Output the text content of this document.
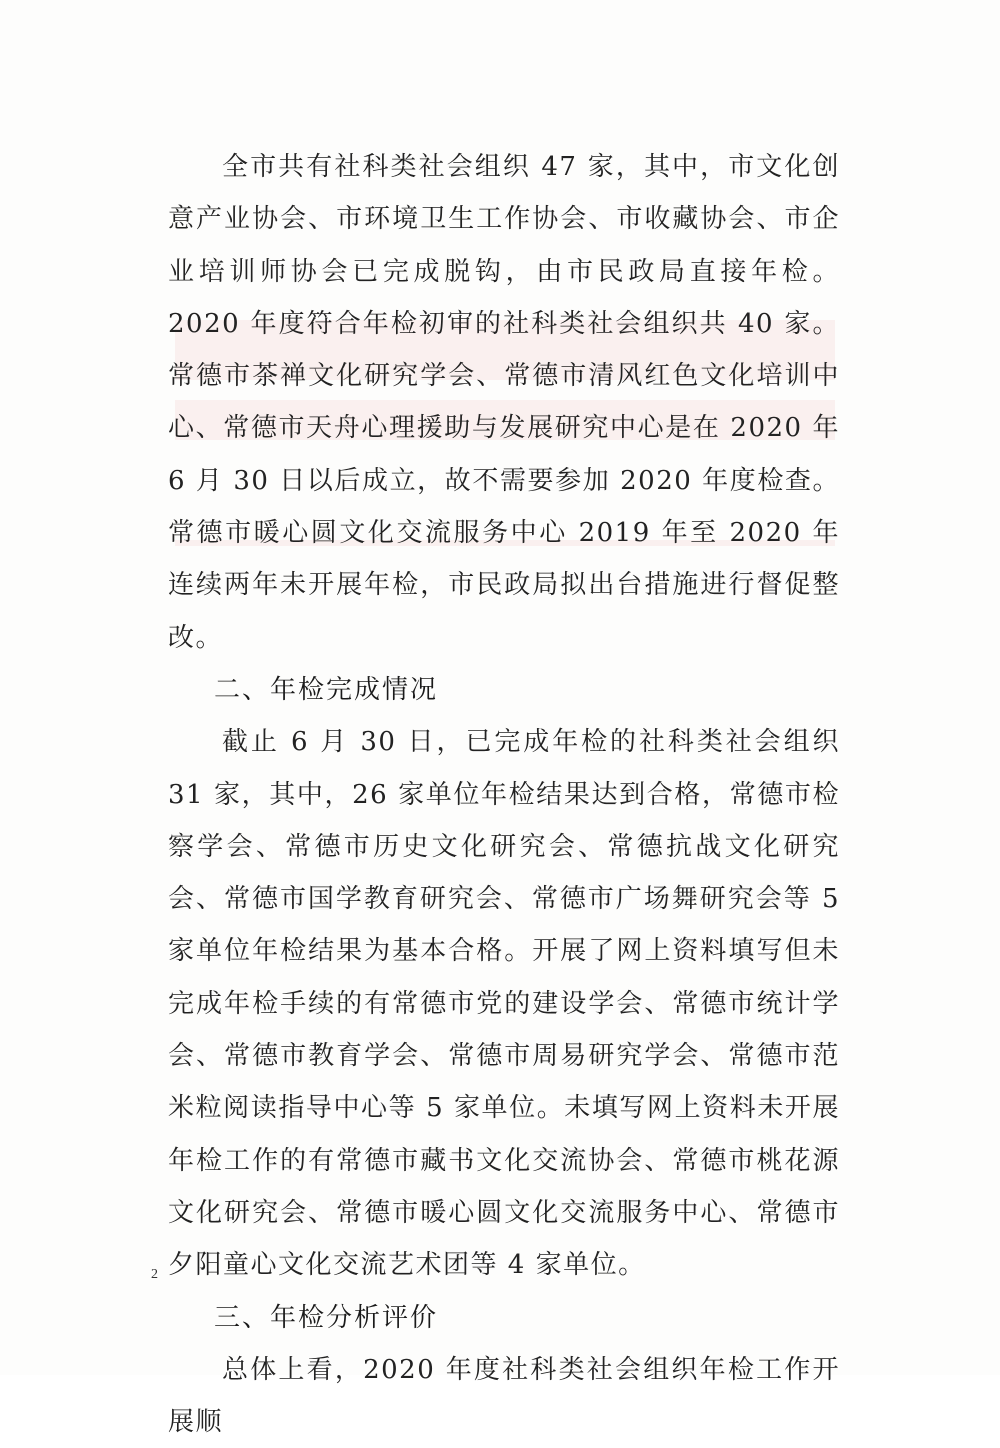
全市共有社科类社会组织 47 家，其中，市文化创意产业协会、市环境卫生工作协会、市收藏协会、市企业培训师协会已完成脱钩，由市民政局直接年检。2020 年度符合年检初审的社科类社会组织共 40 家。常德市茶禅文化研究学会、常德市清风红色文化培训中心、常德市天舟心理援助与发展研究中心是在 2020 年 6 月 30 日以后成立，故不需要参加 2020 年度检查。常德市暖心圆文化交流服务中心 2019 年至 2020 年连续两年未开展年检，市民政局拟出台措施进行督促整改。

二、年检完成情况

截止 6 月 30 日，已完成年检的社科类社会组织 31 家，其中，26 家单位年检结果达到合格，常德市检察学会、常德市历史文化研究会、常德抗战文化研究会、常德市国学教育研究会、常德市广场舞研究会等 5 家单位年检结果为基本合格。开展了网上资料填写但未完成年检手续的有常德市党的建设学会、常德市统计学会、常德市教育学会、常德市周易研究学会、常德市范米粒阅读指导中心等 5 家单位。未填写网上资料未开展年检工作的有常德市藏书文化交流协会、常德市桃花源文化研究会、常德市暖心圆文化交流服务中心、常德市夕阳童心文化交流艺术团等 4 家单位。

三、年检分析评价

总体上看，2020 年度社科类社会组织年检工作开展顺

2
